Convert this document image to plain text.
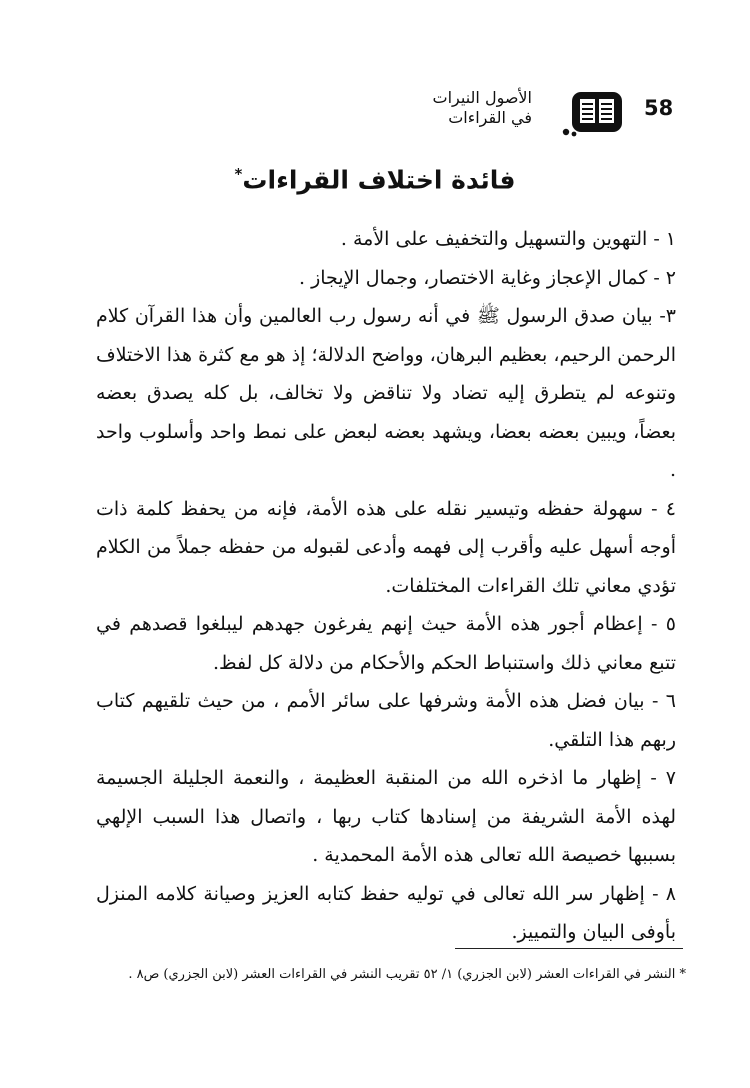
58
الأصول النيرات
في القراءات
فائدة اختلاف القراءات*

١ - التهوين والتسهيل والتخفيف على الأمة .

٢ - كمال الإعجاز وغاية الاختصار، وجمال الإيجاز .

٣- بيان صدق الرسول ﷺ في أنه رسول رب العالمين وأن هذا القرآن كلام الرحمن الرحيم، بعظيم البرهان، وواضح الدلالة؛ إذ هو مع كثرة هذا الاختلاف وتنوعه لم يتطرق إليه تضاد ولا تناقض ولا تخالف، بل كله يصدق بعضه بعضاً، ويبين بعضه بعضا، ويشهد بعضه لبعض على نمط واحد وأسلوب واحد .

٤ - سهولة حفظه وتيسير نقله على هذه الأمة، فإنه من يحفظ كلمة ذات أوجه أسهل عليه وأقرب إلى فهمه وأدعى لقبوله من حفظه جملاً من الكلام تؤدي معاني تلك القراءات المختلفات.

٥ - إعظام أجور هذه الأمة حيث إنهم يفرغون جهدهم ليبلغوا قصدهم في تتبع معاني ذلك واستنباط الحكم والأحكام من دلالة كل لفظ.

٦ - بيان فضل هذه الأمة وشرفها على سائر الأمم ، من حيث تلقيهم كتاب ربهم هذا التلقي.

٧ - إظهار ما اذخره الله من المنقبة العظيمة ، والنعمة الجليلة الجسيمة لهذه الأمة الشريفة من إسنادها كتاب ربها ، واتصال هذا السبب الإلهي بسببها خصيصة الله تعالى هذه الأمة المحمدية .

٨ - إظهار سر الله تعالى في توليه حفظ كتابه العزيز وصيانة كلامه المنزل بأوفى البيان والتمييز.

* النشر في القراءات العشر (لابن الجزري) ١/ ٥٢ تقريب النشر في القراءات العشر (لابن الجزري) ص٨ .
